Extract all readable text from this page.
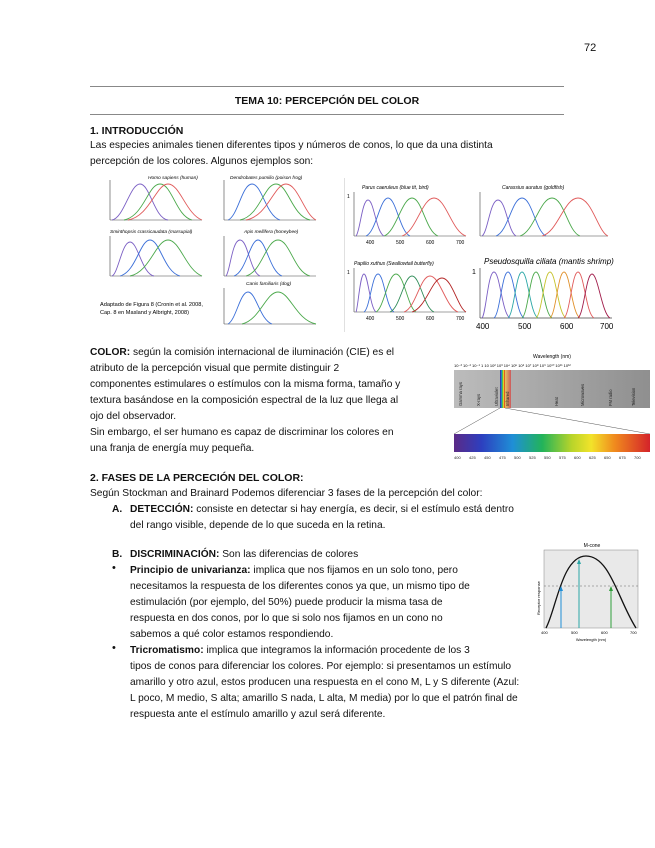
72
TEMA 10: PERCEPCIÓN DEL COLOR
1. INTRODUCCIÓN
Las especies animales tienen diferentes tipos y números de conos, lo que da una distinta
percepción de los colores. Algunos ejemplos son:
Homo sapiens (human)	Dendrobates pumilio (poison frog)
Sminthopsis crassicaudata (marsupial)	Apis mellifera (honeybee)
Canis familiaris (dog)
Adaptado de Figura 8 (Cronin et al. 2008,
Cap. 8 en Masland y Albright, 2008)
Parus caeruleus (blue tit, bird)
1
400	500	600	700
Carassius auratus (goldfish)
Papilio xuthus (Swallowtail butterfly)
1
400	500	600	700
Pseudosquilla ciliata (mantis shrimp)
1
400	500	600	700
COLOR: según la comisión internacional de iluminación (CIE) es el
atributo de la percepción visual que permite distinguir 2
componentes estimulares o estímulos con la misma forma, tamaño y
textura basándose en la composición espectral de la luz que llega al
ojo del observador.
Sin embargo, el ser humano es capaz de discriminar los colores en
una franja de energía muy pequeña.
Wavelength (nm)
10⁻³ 10⁻² 10⁻¹ 1 10 10² 10³ 10⁴ 10⁵ 10⁶ 10⁷ 10⁸ 10⁹ 10¹⁰ 10¹¹ 10¹²
Gamma rays	X-rays	Ultraviolet Infrared	Heat	Microwaves	FM radio	Television
400 425 450 475 500 525 550 575 600 625 650 675 700
2. FASES DE LA PERCECIÓN DEL COLOR:
Según Stockman and Brainard Podemos diferenciar 3 fases de la percepción del color:
A. DETECCIÓN: consiste en detectar si hay energía, es decir, si el estímulo está dentro
del rango visible, depende de lo que suceda en la retina.
B. DISCRIMINACIÓN: Son las diferencias de colores
• Principio de univarianza: implica que nos fijamos en un solo tono, pero
necesitamos la respuesta de los diferentes conos ya que, un mismo tipo de
estimulación (por ejemplo, del 50%) puede producir la misma tasa de
respuesta en dos conos, por lo que si solo nos fijamos en un cono no
sabemos a qué color estamos respondiendo.
• Tricromatismo: implica que integramos la información procedente de los 3
tipos de conos para diferenciar los colores. Por ejemplo: si presentamos un estímulo
amarillo y otro azul, estos producen una respuesta en el cono M, L y S diferente (Azul:
L poco, M medio, S alta; amarillo S nada, L alta, M media) por lo que el patrón final de
respuesta ante el estímulo amarillo y azul será diferente.
M-cone
Receptor response
400	500	600	700
Wavelength (nm)
